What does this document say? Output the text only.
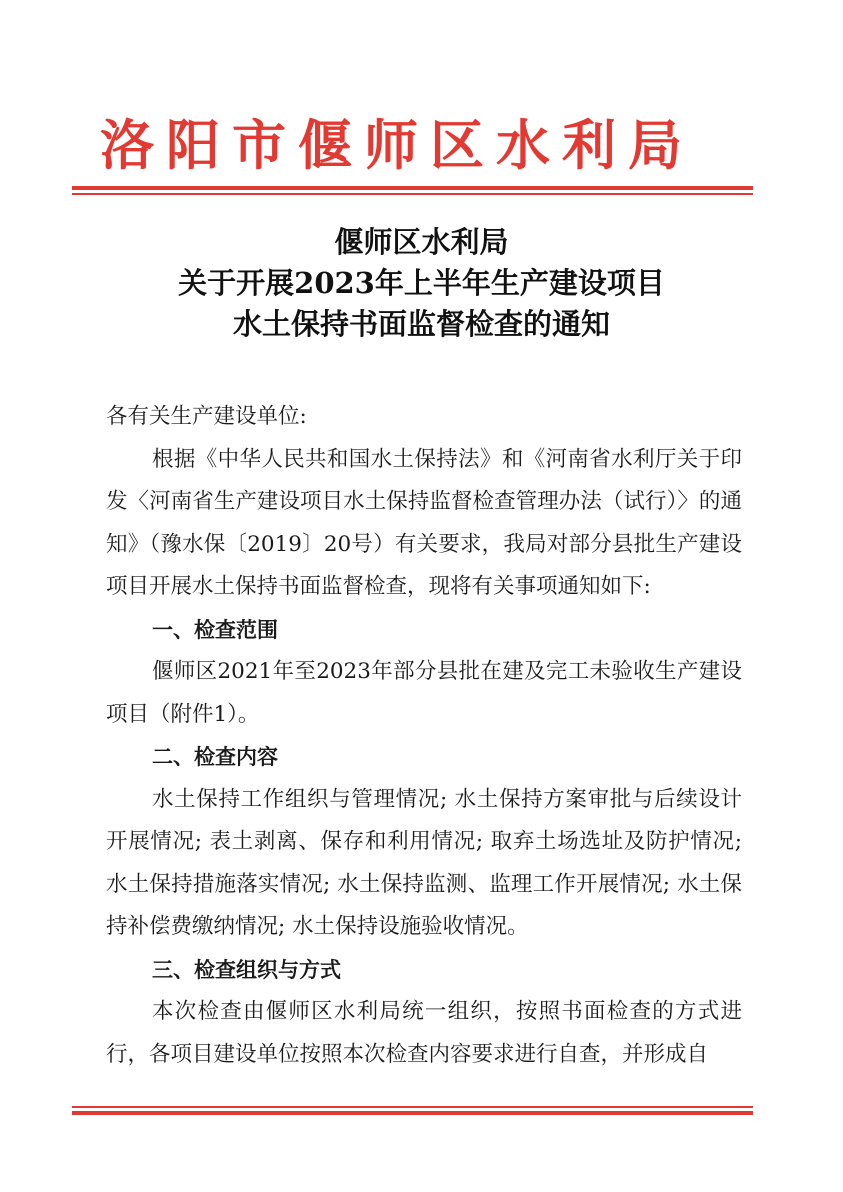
洛阳市偃师区水利局
偃师区水利局
关于开展2023年上半年生产建设项目
水土保持书面监督检查的通知

各有关生产建设单位:

根据《中华人民共和国水土保持法》和《河南省水利厅关于印发〈河南省生产建设项目水土保持监督检查管理办法（试行）〉的通知》（豫水保〔2019〕20号）有关要求，我局对部分县批生产建设项目开展水土保持书面监督检查，现将有关事项通知如下:

一、检查范围

偃师区2021年至2023年部分县批在建及完工未验收生产建设项目（附件1）。

二、检查内容

水土保持工作组织与管理情况; 水土保持方案审批与后续设计开展情况; 表土剥离、保存和利用情况; 取弃土场选址及防护情况; 水土保持措施落实情况; 水土保持监测、监理工作开展情况; 水土保持补偿费缴纳情况; 水土保持设施验收情况。

三、检查组织与方式

本次检查由偃师区水利局统一组织，按照书面检查的方式进行，各项目建设单位按照本次检查内容要求进行自查，并形成自
